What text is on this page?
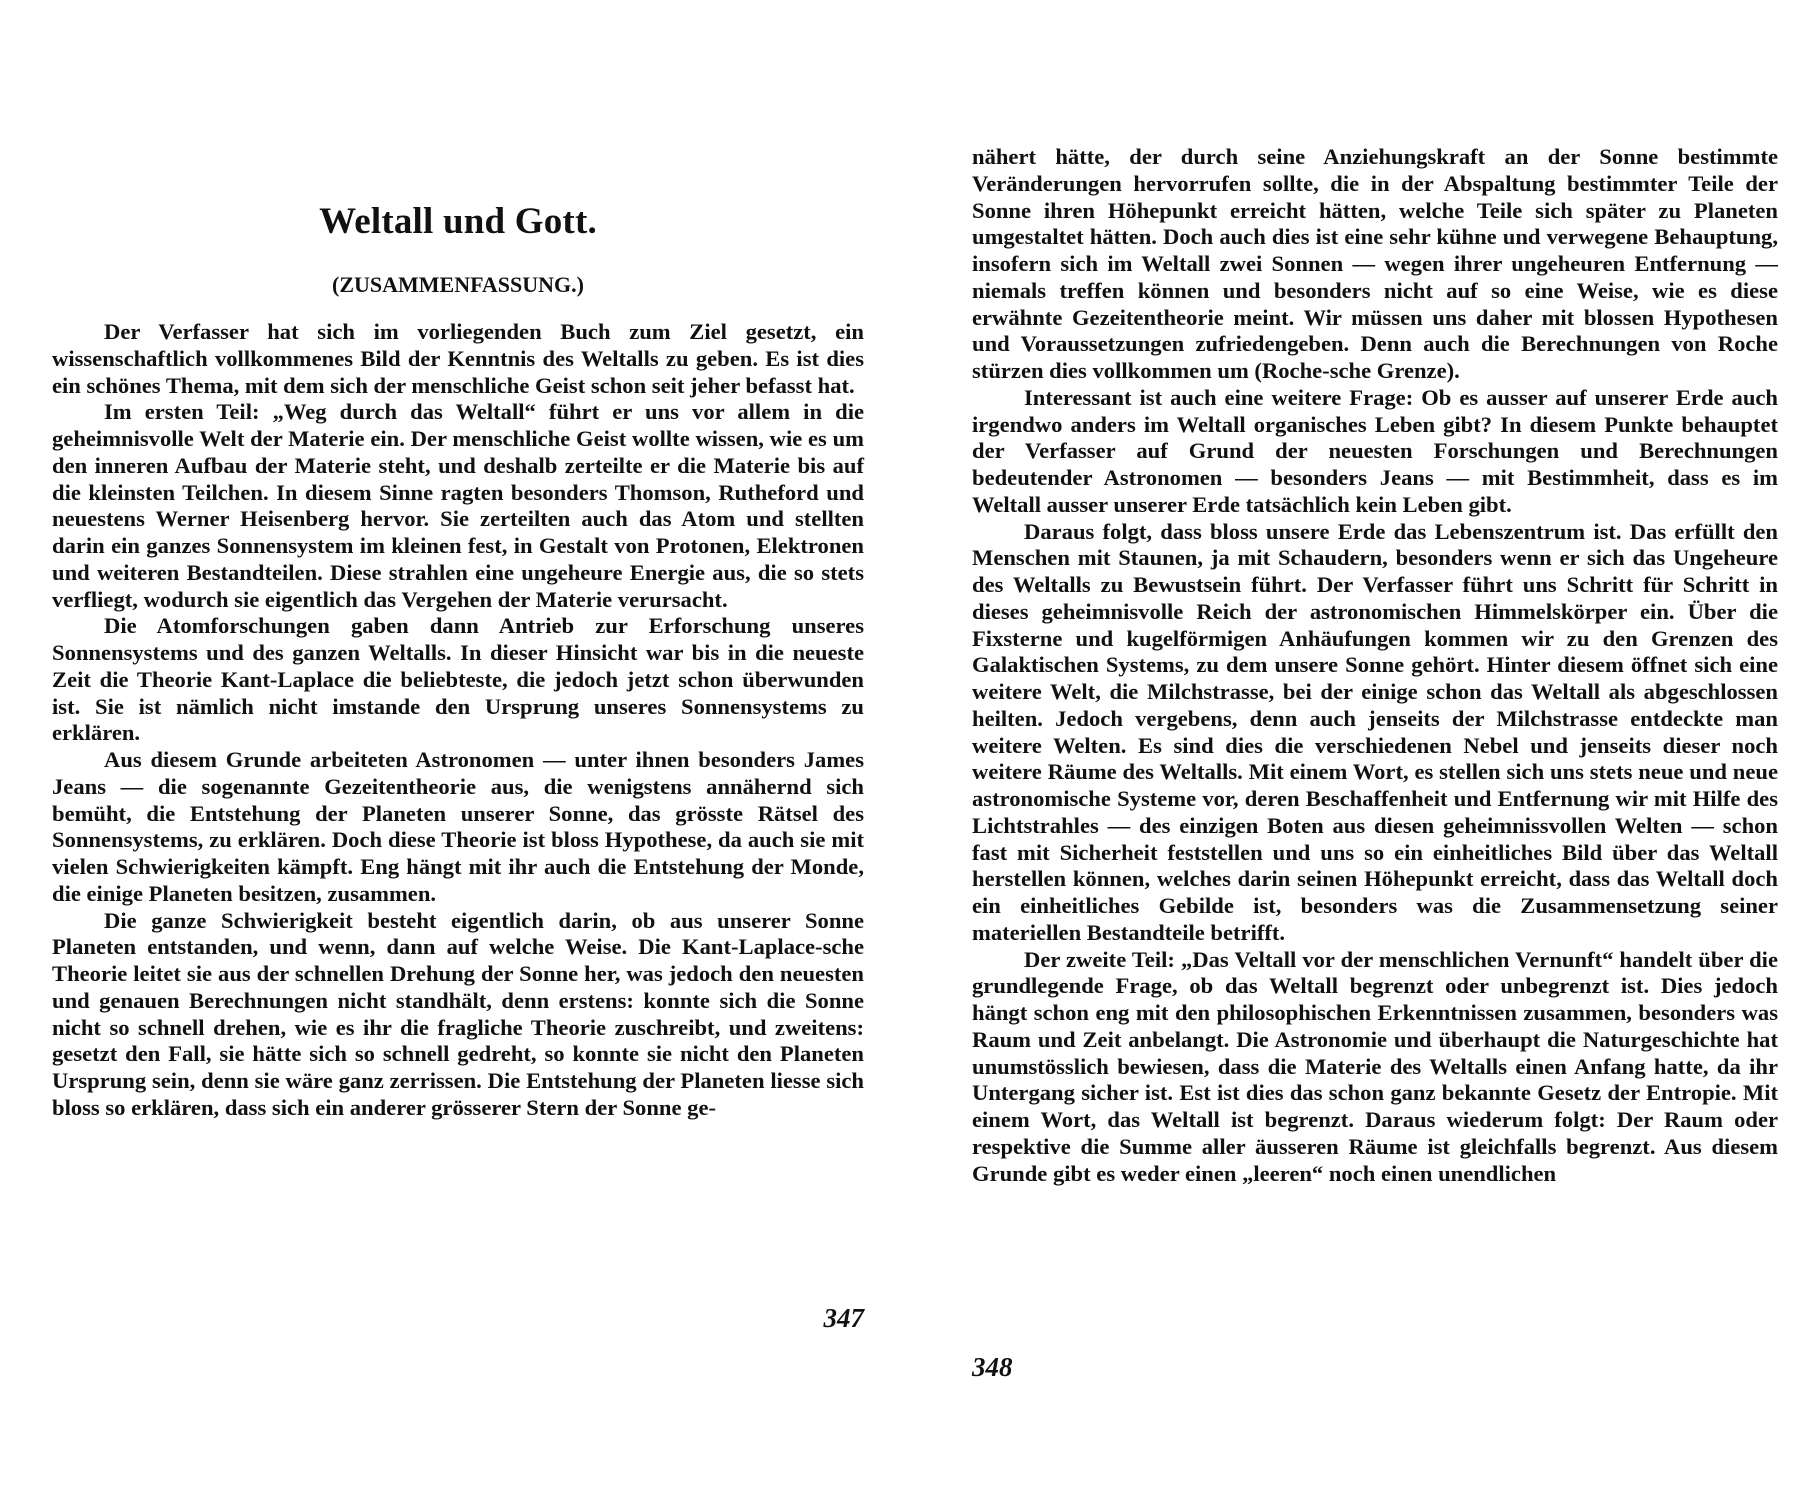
Weltall und Gott.
(ZUSAMMENFASSUNG.)

Der Verfasser hat sich im vorliegenden Buch zum Ziel gesetzt, ein wissenschaftlich vollkommenes Bild der Kenntnis des Weltalls zu geben. Es ist dies ein schönes Thema, mit dem sich der menschliche Geist schon seit jeher befasst hat.

Im ersten Teil: „Weg durch das Weltall“ führt er uns vor allem in die geheimnisvolle Welt der Materie ein. Der menschliche Geist wollte wissen, wie es um den inneren Aufbau der Materie steht, und deshalb zerteilte er die Materie bis auf die kleinsten Teilchen. In diesem Sinne ragten besonders Thomson, Rutheford und neuestens Werner Heisenberg hervor. Sie zerteilten auch das Atom und stellten darin ein ganzes Sonnensystem im kleinen fest, in Gestalt von Protonen, Elektronen und weiteren Bestandteilen. Diese strahlen eine ungeheure Energie aus, die so stets verfliegt, wodurch sie eigentlich das Vergehen der Materie verursacht.

Die Atomforschungen gaben dann Antrieb zur Erforschung unseres Sonnensystems und des ganzen Weltalls. In dieser Hinsicht war bis in die neueste Zeit die Theorie Kant-Laplace die beliebteste, die jedoch jetzt schon überwunden ist. Sie ist nämlich nicht imstande den Ursprung unseres Sonnensystems zu erklären.

Aus diesem Grunde arbeiteten Astronomen — unter ihnen besonders James Jeans — die sogenannte Gezeitentheorie aus, die wenigstens annähernd sich bemüht, die Entstehung der Planeten unserer Sonne, das grösste Rätsel des Sonnensystems, zu erklären. Doch diese Theorie ist bloss Hypothese, da auch sie mit vielen Schwierigkeiten kämpft. Eng hängt mit ihr auch die Entstehung der Monde, die einige Planeten besitzen, zusammen.

Die ganze Schwierigkeit besteht eigentlich darin, ob aus unserer Sonne Planeten entstanden, und wenn, dann auf welche Weise. Die Kant-Laplace-sche Theorie leitet sie aus der schnellen Drehung der Sonne her, was jedoch den neuesten und genauen Berechnungen nicht standhält, denn erstens: konnte sich die Sonne nicht so schnell drehen, wie es ihr die fragliche Theorie zuschreibt, und zweitens: gesetzt den Fall, sie hätte sich so schnell gedreht, so konnte sie nicht den Planeten Ursprung sein, denn sie wäre ganz zerrissen. Die Entstehung der Planeten liesse sich bloss so erklären, dass sich ein anderer grösserer Stern der Sonne ge-

347

nähert hätte, der durch seine Anziehungskraft an der Sonne bestimmte Veränderungen hervorrufen sollte, die in der Abspaltung bestimmter Teile der Sonne ihren Höhepunkt erreicht hätten, welche Teile sich später zu Planeten umgestaltet hätten. Doch auch dies ist eine sehr kühne und verwegene Behauptung, insofern sich im Weltall zwei Sonnen — wegen ihrer ungeheuren Entfernung — niemals treffen können und besonders nicht auf so eine Weise, wie es diese erwähnte Gezeitentheorie meint. Wir müssen uns daher mit blossen Hypothesen und Voraussetzungen zufriedengeben. Denn auch die Berechnungen von Roche stürzen dies vollkommen um (Roche-sche Grenze).

Interessant ist auch eine weitere Frage: Ob es ausser auf unserer Erde auch irgendwo anders im Weltall organisches Leben gibt? In diesem Punkte behauptet der Verfasser auf Grund der neuesten Forschungen und Berechnungen bedeutender Astronomen — besonders Jeans — mit Bestimmheit, dass es im Weltall ausser unserer Erde tatsächlich kein Leben gibt.

Daraus folgt, dass bloss unsere Erde das Lebenszentrum ist. Das erfüllt den Menschen mit Staunen, ja mit Schaudern, besonders wenn er sich das Ungeheure des Weltalls zu Bewustsein führt. Der Verfasser führt uns Schritt für Schritt in dieses geheimnisvolle Reich der astronomischen Himmelskörper ein. Über die Fixsterne und kugelförmigen Anhäufungen kommen wir zu den Grenzen des Galaktischen Systems, zu dem unsere Sonne gehört. Hinter diesem öffnet sich eine weitere Welt, die Milchstrasse, bei der einige schon das Weltall als abgeschlossen heilten. Jedoch vergebens, denn auch jenseits der Milchstrasse entdeckte man weitere Welten. Es sind dies die verschiedenen Nebel und jenseits dieser noch weitere Räume des Weltalls. Mit einem Wort, es stellen sich uns stets neue und neue astronomische Systeme vor, deren Beschaffenheit und Entfernung wir mit Hilfe des Lichtstrahles — des einzigen Boten aus diesen geheimnissvollen Welten — schon fast mit Sicherheit feststellen und uns so ein einheitliches Bild über das Weltall herstellen können, welches darin seinen Höhepunkt erreicht, dass das Weltall doch ein einheitliches Gebilde ist, besonders was die Zusammensetzung seiner materiellen Bestandteile betrifft.

Der zweite Teil: „Das Veltall vor der menschlichen Vernunft“ handelt über die grundlegende Frage, ob das Weltall begrenzt oder unbegrenzt ist. Dies jedoch hängt schon eng mit den philosophischen Erkenntnissen zusammen, besonders was Raum und Zeit anbelangt. Die Astronomie und überhaupt die Naturgeschichte hat unumstösslich bewiesen, dass die Materie des Weltalls einen Anfang hatte, da ihr Untergang sicher ist. Est ist dies das schon ganz bekannte Gesetz der Entropie. Mit einem Wort, das Weltall ist begrenzt. Daraus wiederum folgt: Der Raum oder respektive die Summe aller äusseren Räume ist gleichfalls begrenzt. Aus diesem Grunde gibt es weder einen „leeren“ noch einen unendlichen

348
